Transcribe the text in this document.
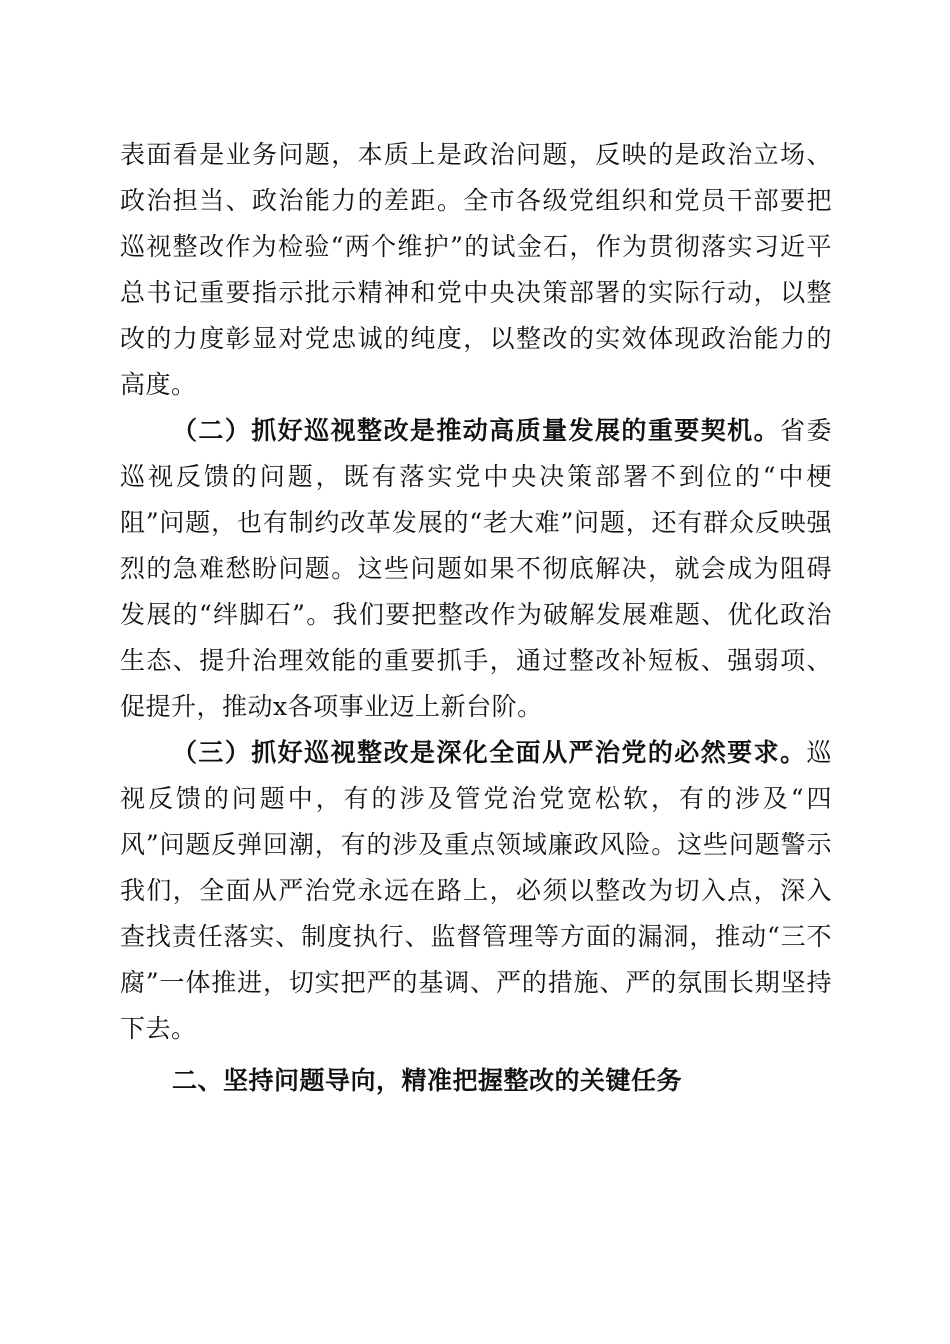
表面看是业务问题，本质上是政治问题，反映的是政治立场、政治担当、政治能力的差距。全市各级党组织和党员干部要把巡视整改作为检验“两个维护”的试金石，作为贯彻落实习近平总书记重要指示批示精神和党中央决策部署的实际行动，以整改的力度彰显对党忠诚的纯度，以整改的实效体现政治能力的高度。

（二）抓好巡视整改是推动高质量发展的重要契机。省委巡视反馈的问题，既有落实党中央决策部署不到位的“中梗阻”问题，也有制约改革发展的“老大难”问题，还有群众反映强烈的急难愁盼问题。这些问题如果不彻底解决，就会成为阻碍发展的“绊脚石”。我们要把整改作为破解发展难题、优化政治生态、提升治理效能的重要抓手，通过整改补短板、强弱项、促提升，推动x各项事业迈上新台阶。

（三）抓好巡视整改是深化全面从严治党的必然要求。巡视反馈的问题中，有的涉及管党治党宽松软，有的涉及“四风”问题反弹回潮，有的涉及重点领域廉政风险。这些问题警示我们，全面从严治党永远在路上，必须以整改为切入点，深入查找责任落实、制度执行、监督管理等方面的漏洞，推动“三不腐”一体推进，切实把严的基调、严的措施、严的氛围长期坚持下去。

二、坚持问题导向，精准把握整改的关键任务
